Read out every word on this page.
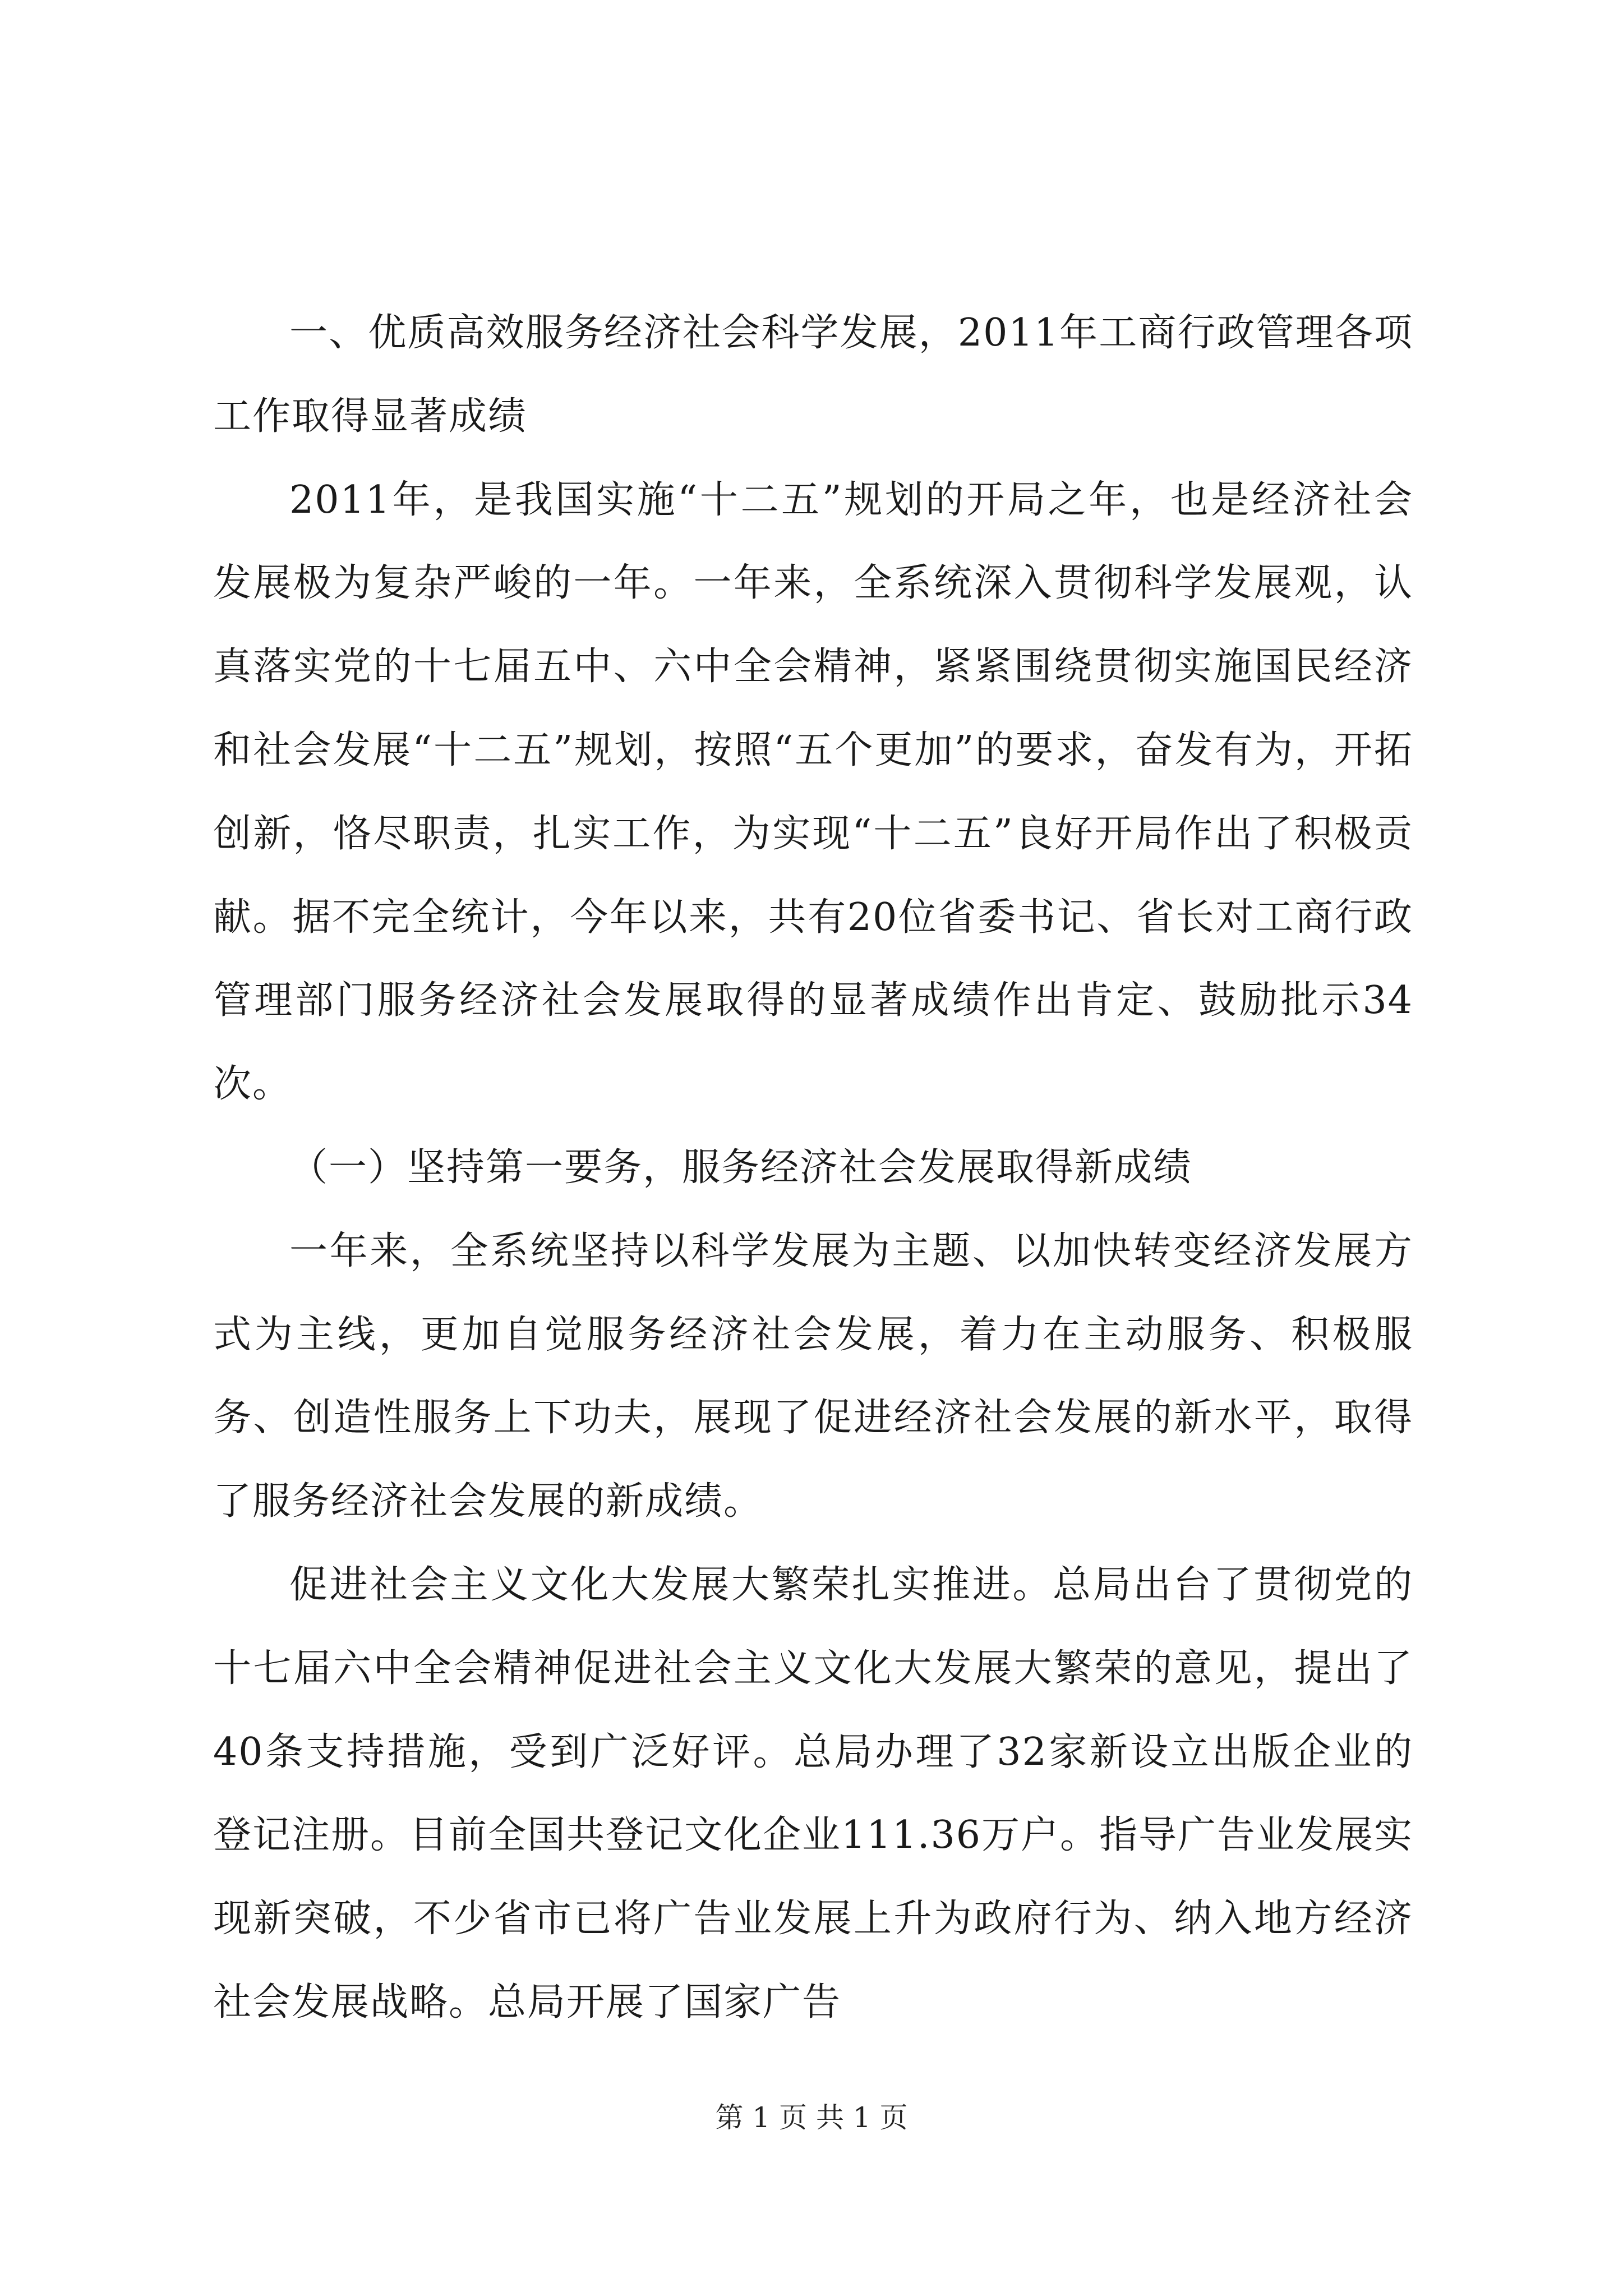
一、优质高效服务经济社会科学发展，2011年工商行政管理各项工作取得显著成绩

2011年，是我国实施“十二五”规划的开局之年，也是经济社会发展极为复杂严峻的一年。一年来，全系统深入贯彻科学发展观，认真落实党的十七届五中、六中全会精神，紧紧围绕贯彻实施国民经济和社会发展“十二五”规划，按照“五个更加”的要求，奋发有为，开拓创新，恪尽职责，扎实工作，为实现“十二五”良好开局作出了积极贡献。据不完全统计，今年以来，共有20位省委书记、省长对工商行政管理部门服务经济社会发展取得的显著成绩作出肯定、鼓励批示34次。

（一）坚持第一要务，服务经济社会发展取得新成绩

一年来，全系统坚持以科学发展为主题、以加快转变经济发展方式为主线，更加自觉服务经济社会发展，着力在主动服务、积极服务、创造性服务上下功夫，展现了促进经济社会发展的新水平，取得了服务经济社会发展的新成绩。

促进社会主义文化大发展大繁荣扎实推进。总局出台了贯彻党的十七届六中全会精神促进社会主义文化大发展大繁荣的意见，提出了40条支持措施，受到广泛好评。总局办理了32家新设立出版企业的登记注册。目前全国共登记文化企业111.36万户。指导广告业发展实现新突破，不少省市已将广告业发展上升为政府行为、纳入地方经济社会发展战略。总局开展了国家广告

第 1 页 共 1 页
